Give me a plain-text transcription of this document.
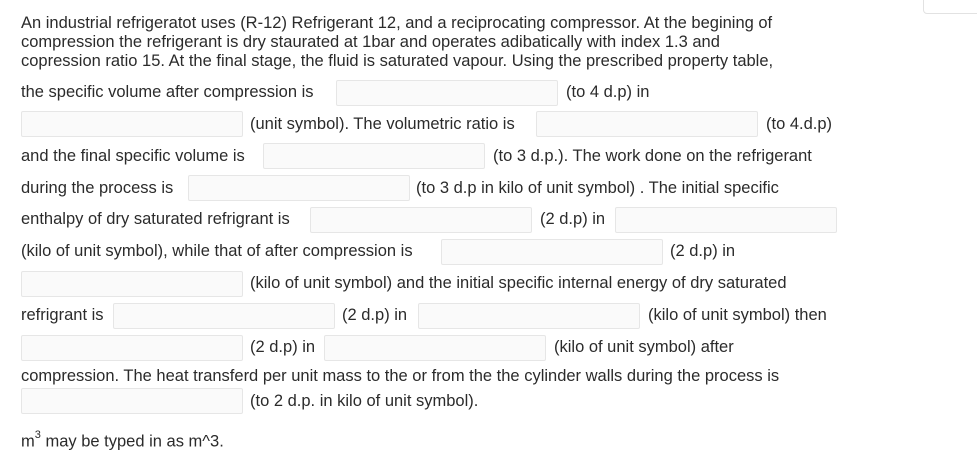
An industrial refrigeratot uses (R-12) Refrigerant 12, and a reciprocating compressor. At the begining of
compression the refrigerant is dry staurated at 1bar and operates adibatically with index 1.3 and
copression ratio 15. At the final stage, the fluid is saturated vapour. Using the prescribed property table,
the specific volume after compression is	(to 4 d.p) in
(unit symbol). The volumetric ratio is	(to 4.d.p)
and the final specific volume is	(to 3 d.p.). The work done on the refrigerant
during the process is	(to 3 d.p in kilo of unit symbol) . The initial specific
enthalpy of dry saturated refrigrant is	(2 d.p) in
(kilo of unit symbol), while that of after compression is	(2 d.p) in
(kilo of unit symbol) and the initial specific internal energy of dry saturated
refrigrant is	(2 d.p) in	(kilo of unit symbol) then
(2 d.p) in	(kilo of unit symbol) after
compression. The heat transferd per unit mass to the or from the the cylinder walls during the process is
(to 2 d.p. in kilo of unit symbol).
$m^3$ may be typed in as m^3.
